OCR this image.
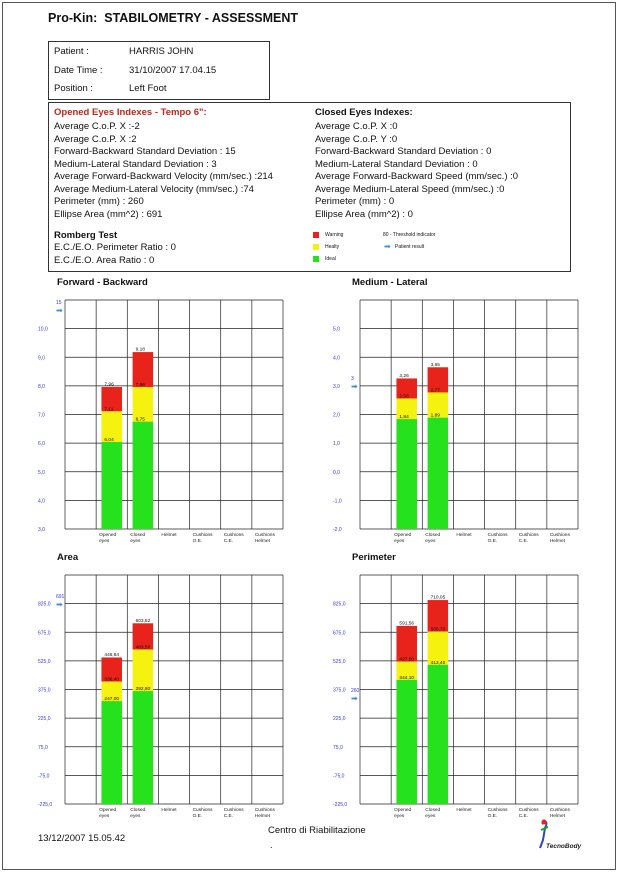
Pro-Kin: STABILOMETRY - ASSESSMENT
Patient :	HARRIS JOHN
Date Time :	31/10/2007 17.04.15
Position :	Left Foot
Opened Eyes Indexes - Tempo 6":
Average C.o.P. X :-2
Average C.o.P. X :2
Forward-Backward Standard Deviation : 15
Medium-Lateral Standard Deviation : 3
Average Forward-Backward Velocity (mm/sec.) :214
Average Medium-Lateral Velocity (mm/sec.) :74
Perimeter (mm) : 260
Ellipse Area (mm^2) : 691
Closed Eyes Indexes:
Average C.o.P. X :0
Average C.o.P. Y :0
Forward-Backward Standard Deviation : 0
Medium-Lateral Standard Deviation : 0
Average Forward-Backward Speed (mm/sec.) :0
Average Medium-Lateral Speed (mm/sec.) :0
Perimeter (mm) : 0
Ellipse Area (mm^2) : 0
Romberg Test
E.C./E.O. Perimeter Ratio : 0
E.C./E.O. Area Ratio : 0
Warning
Healty
Ideal
80 - Threshold indicator
➡ Patient result
Forward - Backward	Medium - Lateral
Area	Perimeter
3,0
4,0
5,0
6,0
7,0
8,0
9,0
10,0
Opened
eyes
Closed
eyes
Helmet	Cushions
O.E.
Cushions
C.E.
Cushions
Helmet
6,04
7,11
7,96
6,75
7,96
9,18
15
➡
-2,0
-1,0
0,0
1,0
2,0
3,0
4,0
5,0
Opened
eyes
Closed
eyes
Helmet	Cushions
O.E.
Cushions
C.E.
Cushions
Helmet
1,84
2,56
3,26
1,89
2,77
3,65
3
➡
-225,0
-75,0
75,0
225,0
375,0
525,0
675,0
825,0
Opened
eyes
Closed
eyes
Helmet	Cushions
O.E.
Cushions
C.E.
Cushions
Helmet
247,00
336,40
446,84
292,80
483,50
603,52
691
➡
-225,0
-75,0
75,0
225,0
375,0
525,0
675,0
825,0
Opened
eyes
Closed
eyes
Helmet	Cushions
O.E.
Cushions
C.E.
Cushions
Helmet
344,10
427,50
591,56
413,40
565,70
710,05
260
➡
13/12/2007 15.05.42
Centro di Riabilitazione
.	TecnoBody
